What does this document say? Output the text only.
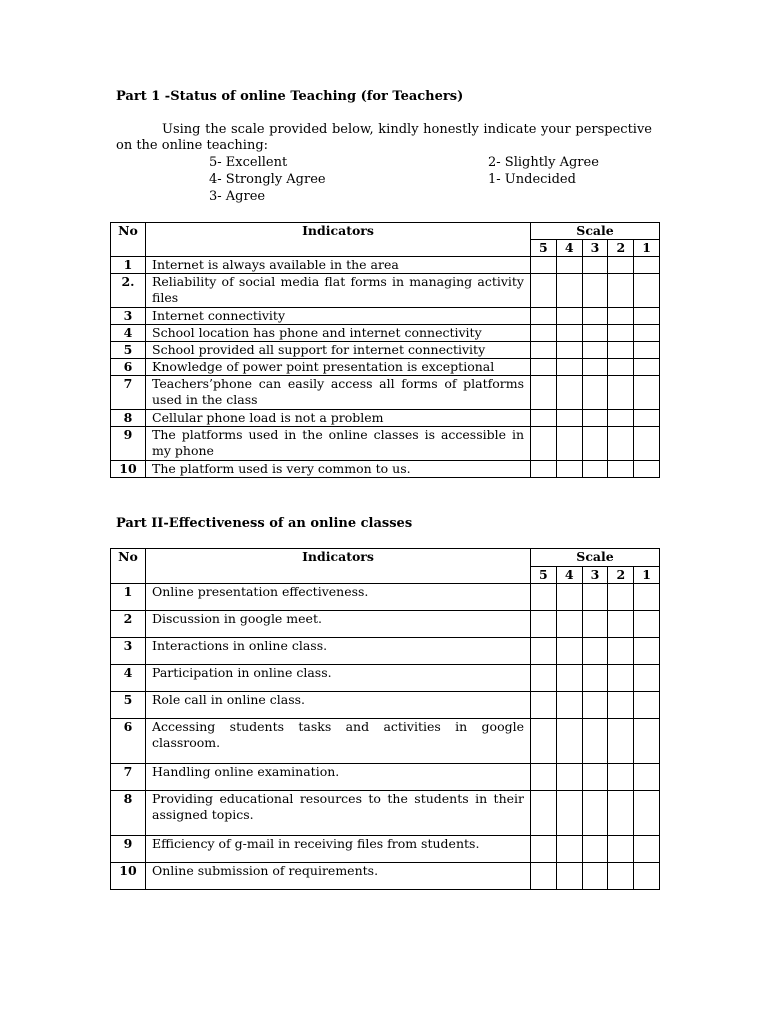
Part 1 -Status of online Teaching (for Teachers)
Using the scale provided below, kindly honestly indicate your perspective on the online teaching:
5- Excellent
4- Strongly Agree
3- Agree
2- Slightly Agree
1- Undecided
No	Indicators	Scale				
		5	4	3	2	1
1	Internet is always available in the area					
2.	Reliability of social media flat forms in managing activity files					
3	Internet connectivity					
4	School location has phone and internet connectivity					
5	School provided all support for internet connectivity					
6	Knowledge of power point presentation is exceptional					
7	Teachers’phone can easily access all forms of platforms used in the class					
8	Cellular phone load is not a problem					
9	The platforms used in the online classes is accessible in my phone					
10	The platform used is very common to us.					
Part II-Effectiveness of an online classes
No	Indicators	Scale				
		5	4	3	2	1
1	Online presentation effectiveness.					
2	Discussion in google meet.					
3	Interactions in online class.					
4	Participation in online class.					
5	Role call in online class.					
6	Accessing students tasks and activities in google classroom.					
7	Handling online examination.					
8	Providing educational resources to the students in their assigned topics.					
9	Efficiency of g-mail in receiving files from students.					
10	Online submission of requirements.					
